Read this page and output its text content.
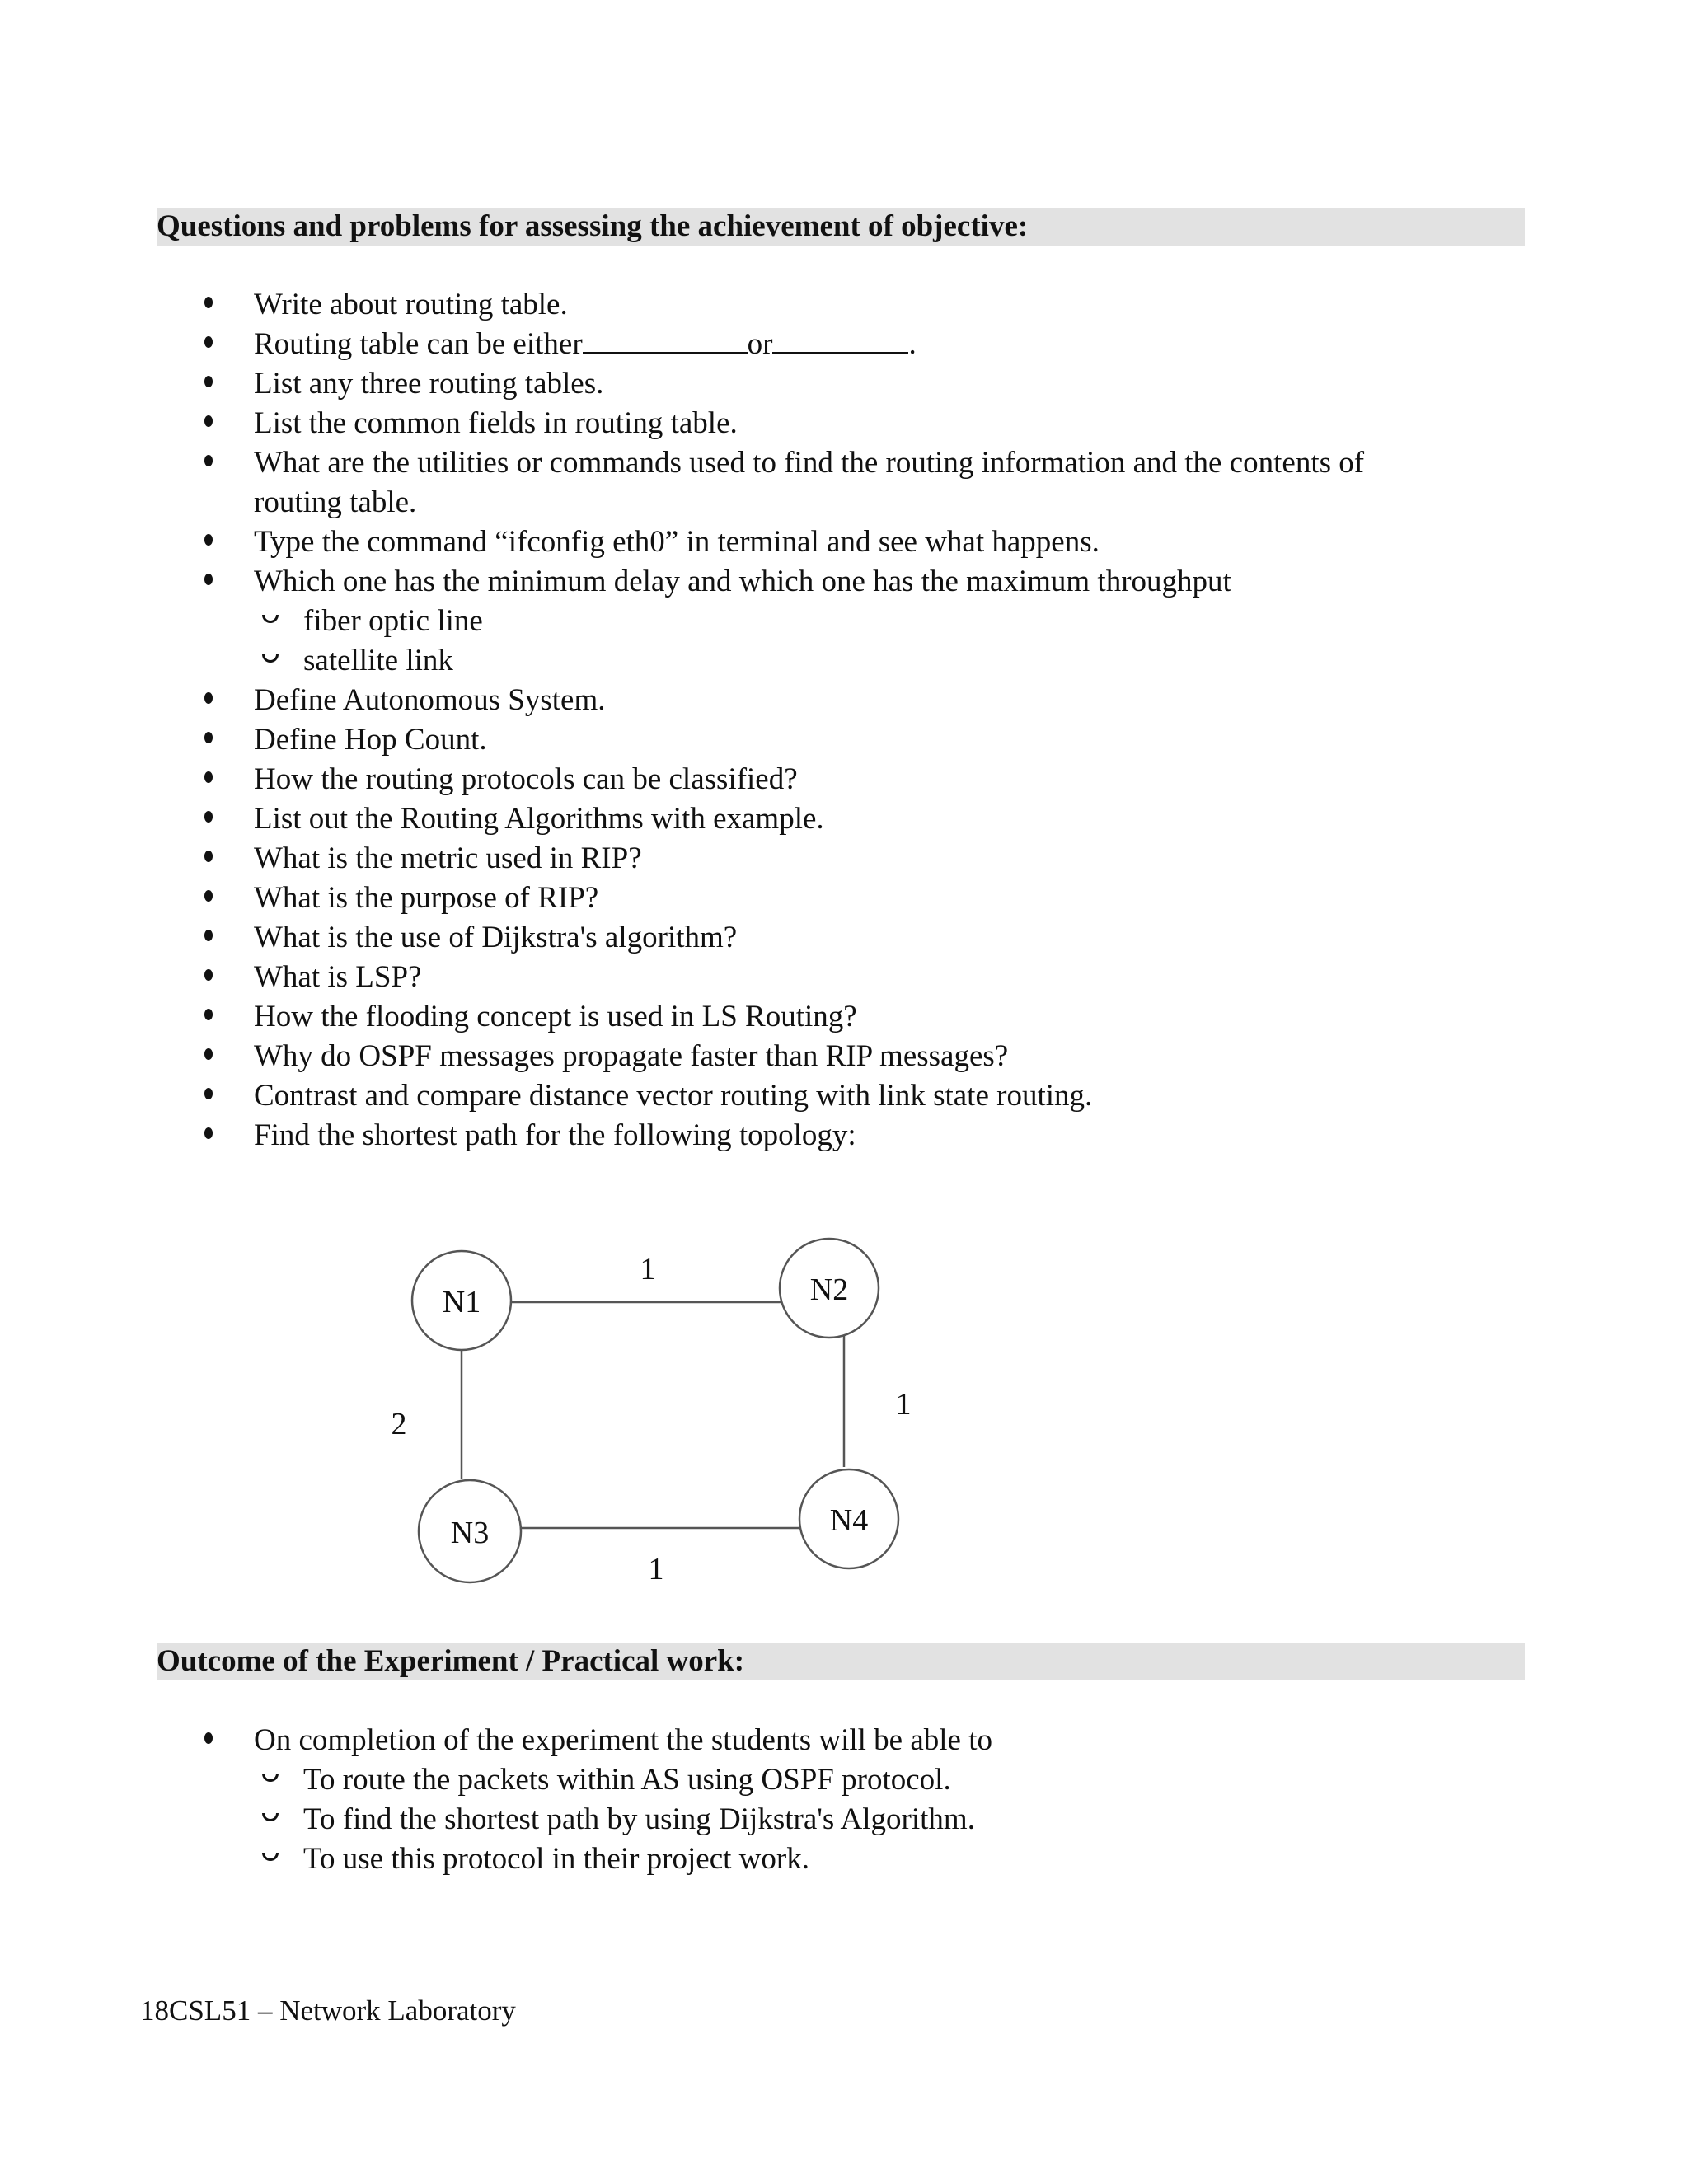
Questions and problems for assessing the achievement of objective:
Write about routing table.
Routing table can be either	or	.
List any three routing tables.
List the common fields in routing table.
What are the utilities or commands used to find the routing information and the contents of
routing table.
Type the command “ifconfig eth0” in terminal and see what happens.
Which one has the minimum delay and which one has the maximum throughput
fiber optic line
satellite link
Define Autonomous System.
Define Hop Count.
How the routing protocols can be classified?
List out the Routing Algorithms with example.
What is the metric used in RIP?
What is the purpose of RIP?
What is the use of Dijkstra's algorithm?
What is LSP?
How the flooding concept is used in LS Routing?
Why do OSPF messages propagate faster than RIP messages?
Contrast and compare distance vector routing with link state routing.
Find the shortest path for the following topology:
N1	N2
N3	N4
1
1
2
1
Outcome of the Experiment / Practical work:
On completion of the experiment the students will be able to
To route the packets within AS using OSPF protocol.
To find the shortest path by using Dijkstra's Algorithm.
To use this protocol in their project work.
18CSL51 – Network Laboratory
